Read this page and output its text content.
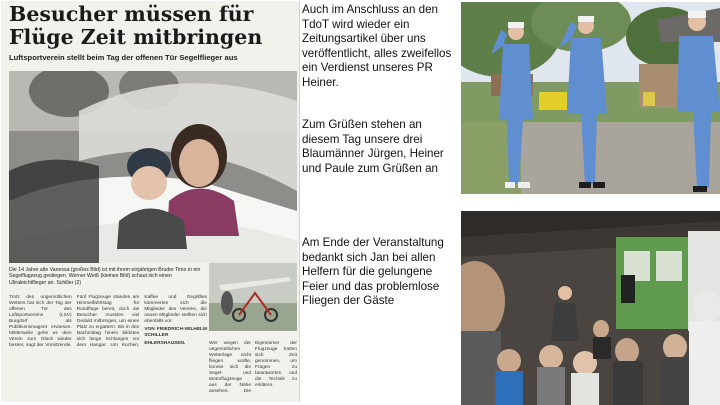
Besucher müssen für Flüge Zeit mitbringen
Luftsportverein stellt beim Tag der offenen Tür Segelflieger aus
Die 14 Jahre alte Vanessa (großes Bild) ist mit ihrem einjährigen Bruder Timo in ein Segelflugzeug gestiegen. Werner Weiß (kleines Bild) schaut sich einen Ultraleichtflieger an. Schiller (2)
Trotz des ungemütlichen Wetters hat sich der Tag der offenen Tür des Luftsportvereins (LSV) Burgdorf als Publikumsmagnet erwiesen. Mittlerweile gehe es dem Verein zum Glück wieder besser, sagt der Vorsitzende. Fünf Flugzeuge standen am Himmelfahrtstag für Rundflüge bereit, doch die Besucher mussten viel Geduld mitbringen, um einen Platz zu ergattern. Bis in den Nachmittag hinein bildeten sich lange Schlangen vor dem Hangar. Um Kuchen, Kaffee und Gegrilltes kümmerten sich die Mitglieder des Vereins, die neuen Mitglieder stellten sich ebenfalls vor.
VON FRIEDRICH-WILHELM SCHILLER
EHLERSHAUSEN.	Wer wegen der ungemütlichen Wetterlage nicht fliegen wollte, konnte sich die Segel- und Motorflugzeuge aus der Nähe ansehen. Die Eigentümer der Flugzeuge hatten sich Zeit genommen, um Fragen zu beantworten und die Technik zu erklären.

Auch im Anschluss an den TdoT wird wieder ein Zeitungsartikel über uns veröffentlicht, alles zweifellos ein Verdienst unseres PR Heiner.

Zum Grüßen stehen an diesem Tag unsere drei Blaumänner Jürgen, Heiner und Paule zum Grüßen an

Am Ende der Veranstaltung bedankt sich Jan bei allen Helfern für die gelungene Feier und das problemlose Fliegen der Gäste
